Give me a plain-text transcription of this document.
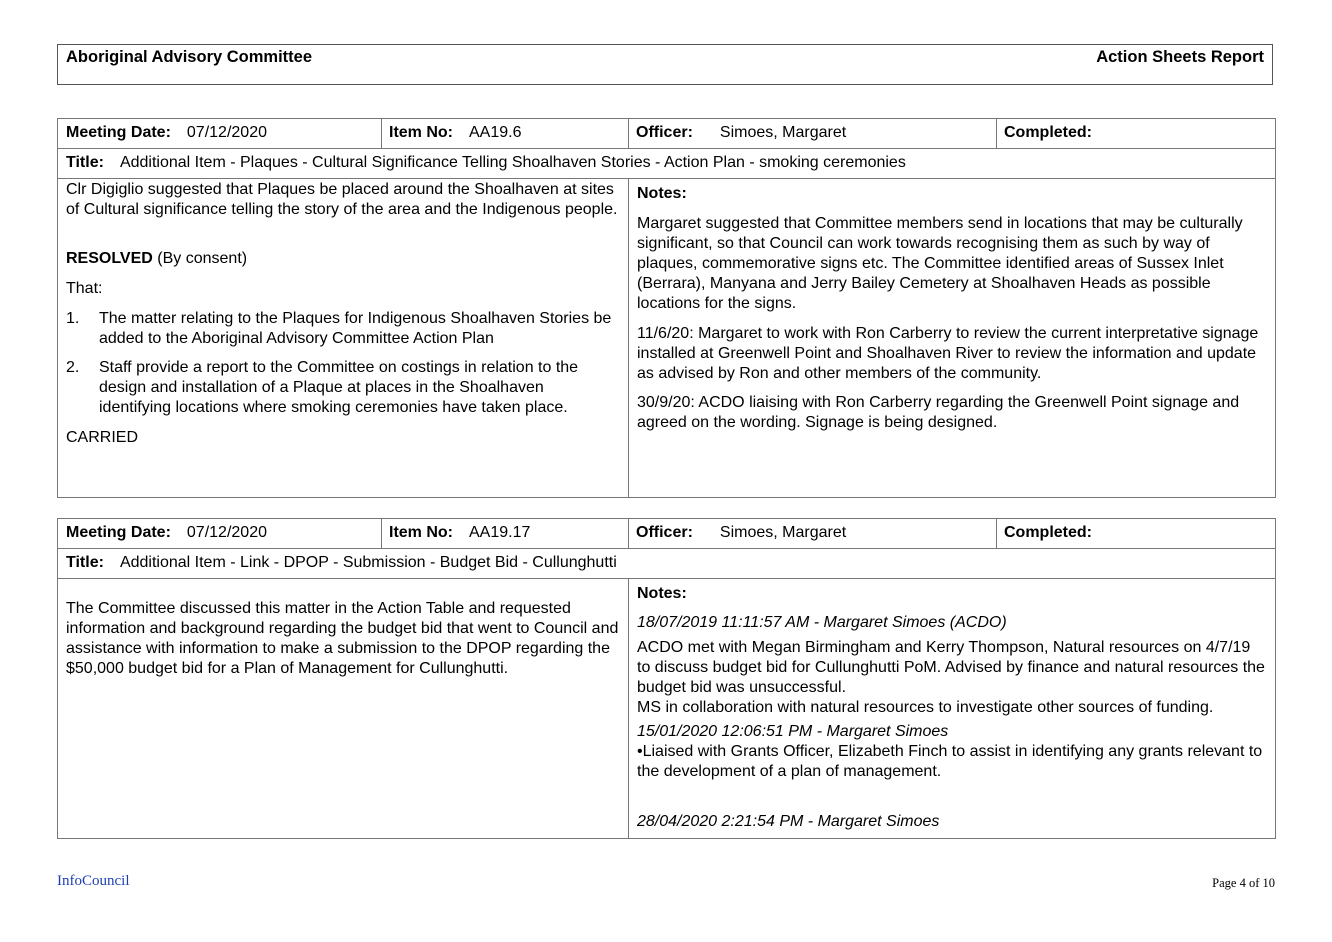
Aboriginal Advisory Committee	Action Sheets Report
Meeting Date: 07/12/2020	Item No: AA19.6	Officer: Simoes, Margaret	Completed:
Title: Additional Item - Plaques - Cultural Significance Telling Shoalhaven Stories - Action Plan - smoking ceremonies

Clr Digiglio suggested that Plaques be placed around the Shoalhaven at sites of Cultural significance telling the story of the area and the Indigenous people.

RESOLVED (By consent)

That:

1. The matter relating to the Plaques for Indigenous Shoalhaven Stories be added to the Aboriginal Advisory Committee Action Plan
2. Staff provide a report to the Committee on costings in relation to the design and installation of a Plaque at places in the Shoalhaven identifying locations where smoking ceremonies have taken place.

CARRIED

Notes:

Margaret suggested that Committee members send in locations that may be culturally significant, so that Council can work towards recognising them as such by way of plaques, commemorative signs etc. The Committee identified areas of Sussex Inlet (Berrara), Manyana and Jerry Bailey Cemetery at Shoalhaven Heads as possible locations for the signs.

11/6/20: Margaret to work with Ron Carberry to review the current interpretative signage installed at Greenwell Point and Shoalhaven River to review the information and update as advised by Ron and other members of the community.

30/9/20: ACDO liaising with Ron Carberry regarding the Greenwell Point signage and agreed on the wording. Signage is being designed.

Meeting Date: 07/12/2020	Item No: AA19.17	Officer: Simoes, Margaret	Completed:
Title: Additional Item - Link - DPOP - Submission - Budget Bid - Cullunghutti

The Committee discussed this matter in the Action Table and requested information and background regarding the budget bid that went to Council and assistance with information to make a submission to the DPOP regarding the $50,000 budget bid for a Plan of Management for Cullunghutti.

Notes:

18/07/2019 11:11:57 AM - Margaret Simoes (ACDO)

ACDO met with Megan Birmingham and Kerry Thompson, Natural resources on 4/7/19 to discuss budget bid for Cullunghutti PoM. Advised by finance and natural resources the budget bid was unsuccessful.

MS in collaboration with natural resources to investigate other sources of funding.

15/01/2020 12:06:51 PM - Margaret Simoes

•Liaised with Grants Officer, Elizabeth Finch to assist in identifying any grants relevant to the development of a plan of management.

28/04/2020 2:21:54 PM - Margaret Simoes

InfoCouncil	Page 4 of 10
